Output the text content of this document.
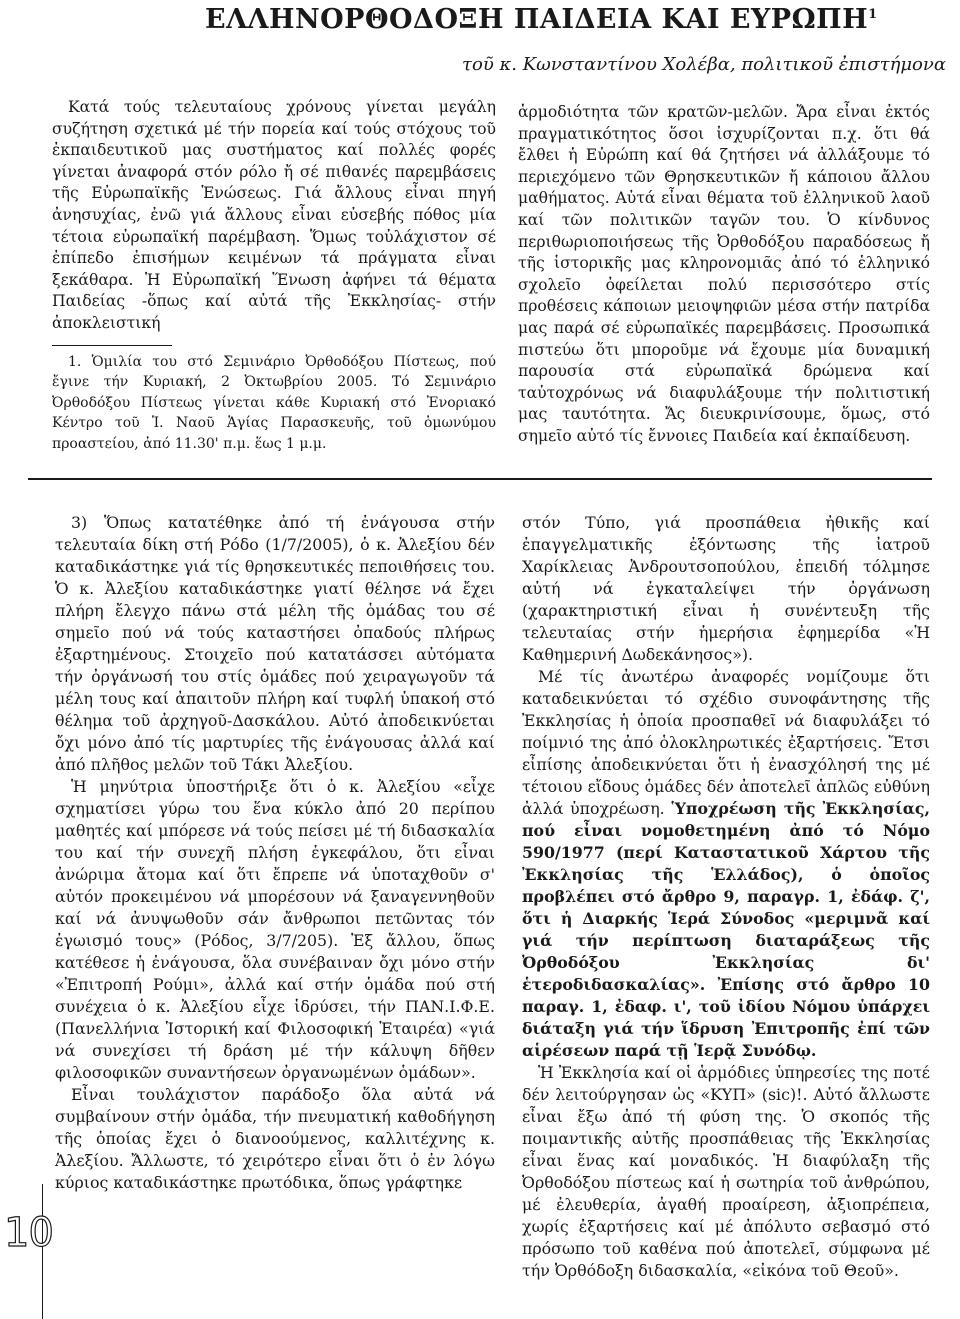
ΕΛΛΗΝΟΡΘΟΔΟΞΗ ΠΑΙΔΕΙΑ ΚΑΙ ΕΥΡΩΠΗ$^1$
τοῦ κ. Κωνσταντίνου Χολέβα, πολιτικοῦ ἐπιστήμονα

Κατά τούς τελευταίους χρόνους γίνεται μεγάλη συζήτηση σχετικά μέ τήν πορεία καί τούς στόχους τοῦ ἐκπαιδευτικοῦ μας συστήματος καί πολλές φορές γίνεται ἀναφορά στόν ρόλο ἤ σέ πιθανές παρεμβάσεις τῆς Εὐρωπαϊκῆς Ἑνώσεως. Γιά ἄλλους εἶναι πηγή ἀνησυχίας, ἐνῶ γιά ἄλλους εἶναι εὐσεβής πόθος μία τέτοια εὐρωπαϊκή παρέμβαση. Ὅμως τοὐλάχιστον σέ ἐπίπεδο ἐπισήμων κειμένων τά πράγματα εἶναι ξεκάθαρα. Ἡ Εὐρωπαϊκή Ἕνωση ἀφήνει τά θέματα Παιδείας -ὅπως καί αὐτά τῆς Ἐκκλησίας- στήν ἀποκλειστική

1. Ὁμιλία του στό Σεμινάριο Ὀρθοδόξου Πίστεως, πού ἔγινε τήν Κυριακή, 2 Ὀκτωβρίου 2005. Τό Σεμινάριο Ὀρθοδόξου Πίστεως γίνεται κάθε Κυριακή στό Ἐνοριακό Κέντρο τοῦ Ἱ. Ναοῦ Ἁγίας Παρασκευῆς, τοῦ ὁμωνύμου προαστείου, ἀπό 11.30' π.μ. ἕως 1 μ.μ.

ἁρμοδιότητα τῶν κρατῶν-μελῶν. Ἄρα εἶναι ἐκτός πραγματικότητος ὅσοι ἰσχυρίζονται π.χ. ὅτι θά ἔλθει ἡ Εὐρώπη καί θά ζητήσει νά ἀλλάξουμε τό περιεχόμενο τῶν Θρησκευτικῶν ἤ κάποιου ἄλλου μαθήματος. Αὐτά εἶναι θέματα τοῦ ἑλληνικοῦ λαοῦ καί τῶν πολιτικῶν ταγῶν του. Ὁ κίνδυνος περιθωριοποιήσεως τῆς Ὀρθοδόξου παραδόσεως ἤ τῆς ἱστορικῆς μας κληρονομιᾶς ἀπό τό ἑλληνικό σχολεῖο ὀφείλεται πολύ περισσότερο στίς προθέσεις κάποιων μειοψηφιῶν μέσα στήν πατρίδα μας παρά σέ εὐρωπαϊκές παρεμβάσεις. Προσωπικά πιστεύω ὅτι μποροῦμε νά ἔχουμε μία δυναμική παρουσία στά εὐρωπαϊκά δρώμενα καί ταὐτοχρόνως νά διαφυλάξουμε τήν πολιτιστική μας ταυτότητα. Ἄς διευκρινίσουμε, ὅμως, στό σημεῖο αὐτό τίς ἔννοιες Παιδεία καί ἐκπαίδευση.

3) Ὅπως κατατέθηκε ἀπό τή ἐνάγουσα στήν τελευταία δίκη στή Ρόδο (1/7/2005), ὁ κ. Ἀλεξίου δέν καταδικάστηκε γιά τίς θρησκευτικές πεποιθήσεις του. Ὁ κ. Ἀλεξίου καταδικάστηκε γιατί θέλησε νά ἔχει πλήρη ἔλεγχο πάνω στά μέλη τῆς ὁμάδας του σέ σημεῖο πού νά τούς καταστήσει ὀπαδούς πλήρως ἐξαρτημένους. Στοιχεῖο πού κατατάσσει αὐτόματα τήν ὀργάνωσή του στίς ὁμάδες πού χειραγωγοῦν τά μέλη τους καί ἀπαιτοῦν πλήρη καί τυφλή ὑπακοή στό θέλημα τοῦ ἀρχηγοῦ-Δασκάλου. Αὐτό ἀποδεικνύεται ὄχι μόνο ἀπό τίς μαρτυρίες τῆς ἐνάγουσας ἀλλά καί ἀπό πλῆθος μελῶν τοῦ Τάκι Ἀλεξίου.

Ἡ μηνύτρια ὑποστήριξε ὅτι ὁ κ. Ἀλεξίου «εἶχε σχηματίσει γύρω του ἕνα κύκλο ἀπό 20 περίπου μαθητές καί μπόρεσε νά τούς πείσει μέ τή διδασκαλία του καί τήν συνεχῆ πλήση ἐγκεφάλου, ὅτι εἶναι ἀνώριμα ἄτομα καί ὅτι ἔπρεπε νά ὑποταχθοῦν σ' αὐτόν προκειμένου νά μπορέσουν νά ξαναγεννηθοῦν καί νά ἀνυψωθοῦν σάν ἄνθρωποι πετῶντας τόν ἐγωισμό τους» (Ρόδος, 3/7/205). Ἐξ ἄλλου, ὅπως κατέθεσε ἡ ἐνάγουσα, ὅλα συνέβαιναν ὄχι μόνο στήν «Ἐπιτροπή Ρούμι», ἀλλά καί στήν ὁμάδα πού στή συνέχεια ὁ κ. Ἀλεξίου εἶχε ἱδρύσει, τήν ΠΑΝ.Ι.Φ.Ε. (Πανελλήνια Ἱστορική καί Φιλοσοφική Ἑταιρέα) «γιά νά συνεχίσει τή δράση μέ τήν κάλυψη δῆθεν φιλοσοφικῶν συναντήσεων ὀργανωμένων ὁμάδων».

Εἶναι τουλάχιστον παράδοξο ὅλα αὐτά νά συμβαίνουν στήν ὁμάδα, τήν πνευματική καθοδήγηση τῆς ὁποίας ἔχει ὁ διανοούμενος, καλλιτέχνης κ. Ἀλεξίου. Ἄλλωστε, τό χειρότερο εἶναι ὅτι ὁ ἐν λόγω κύριος καταδικάστηκε πρωτόδικα, ὅπως γράφτηκε

στόν Τύπο, γιά προσπάθεια ἠθικῆς καί ἐπαγγελματικῆς ἐξόντωσης τῆς ἰατροῦ Χαρίκλειας Ἀνδρουτσοπούλου, ἐπειδή τόλμησε αὐτή νά ἐγκαταλείψει τήν ὀργάνωση (χαρακτηριστική εἶναι ἡ συνέντευξη τῆς τελευταίας στήν ἡμερήσια ἐφημερίδα «Ἡ Καθημερινή Δωδεκάνησος»).

Μέ τίς ἀνωτέρω ἀναφορές νομίζουμε ὅτι καταδεικνύεται τό σχέδιο συνοφάντησης τῆς Ἐκκλησίας ἡ ὁποία προσπαθεῖ νά διαφυλάξει τό ποίμνιό της ἀπό ὁλοκληρωτικές ἐξαρτήσεις. Ἔτσι εἶπίσης ἀποδεικνύεται ὅτι ἡ ἐνασχόλησή της μέ τέτοιου εἴδους ὁμάδες δέν ἀποτελεῖ ἁπλῶς εὐθύνη ἀλλά ὑποχρέωση. Ὑποχρέωση τῆς Ἐκκλησίας, πού εἶναι νομοθετημένη ἀπό τό Νόμο 590/1977 (περί Καταστατικοῦ Χάρτου τῆς Ἐκκλησίας τῆς Ἑλλάδος), ὁ ὁποῖος προβλέπει στό ἄρθρο 9, παραγρ. 1, ἐδάφ. ζ', ὅτι ἡ Διαρκής Ἱερά Σύνοδος «μεριμνᾶ καί γιά τήν περίπτωση διαταράξεως τῆς Ὀρθοδόξου Ἐκκλησίας δι' ἑτεροδιδασκαλίας». Ἐπίσης στό ἄρθρο 10 παραγ. 1, ἐδαφ. ι', τοῦ ἰδίου Νόμου ὑπάρχει διάταξη γιά τήν ἵδρυση Ἐπιτροπῆς ἐπί τῶν αἱρέσεων παρά τῇ Ἱερᾷ Συνόδῳ.

Ἡ Ἐκκλησία καί οἱ ἁρμόδιες ὑπηρεσίες της ποτέ δέν λειτούργησαν ὡς «ΚΥΠ» (sic)!. Αὐτό ἄλλωστε εἶναι ἔξω ἀπό τή φύση της. Ὁ σκοπός τῆς ποιμαντικῆς αὐτῆς προσπάθειας τῆς Ἐκκλησίας εἶναι ἕνας καί μοναδικός. Ἡ διαφύλαξη τῆς Ὀρθοδόξου πίστεως καί ἡ σωτηρία τοῦ ἀνθρώπου, μέ ἐλευθερία, ἀγαθή προαίρεση, ἀξιοπρέπεια, χωρίς ἐξαρτήσεις καί μέ ἀπόλυτο σεβασμό στό πρόσωπο τοῦ καθένα πού ἀποτελεῖ, σύμφωνα μέ τήν Ὀρθόδοξη διδασκαλία, «εἰκόνα τοῦ Θεοῦ».

10
